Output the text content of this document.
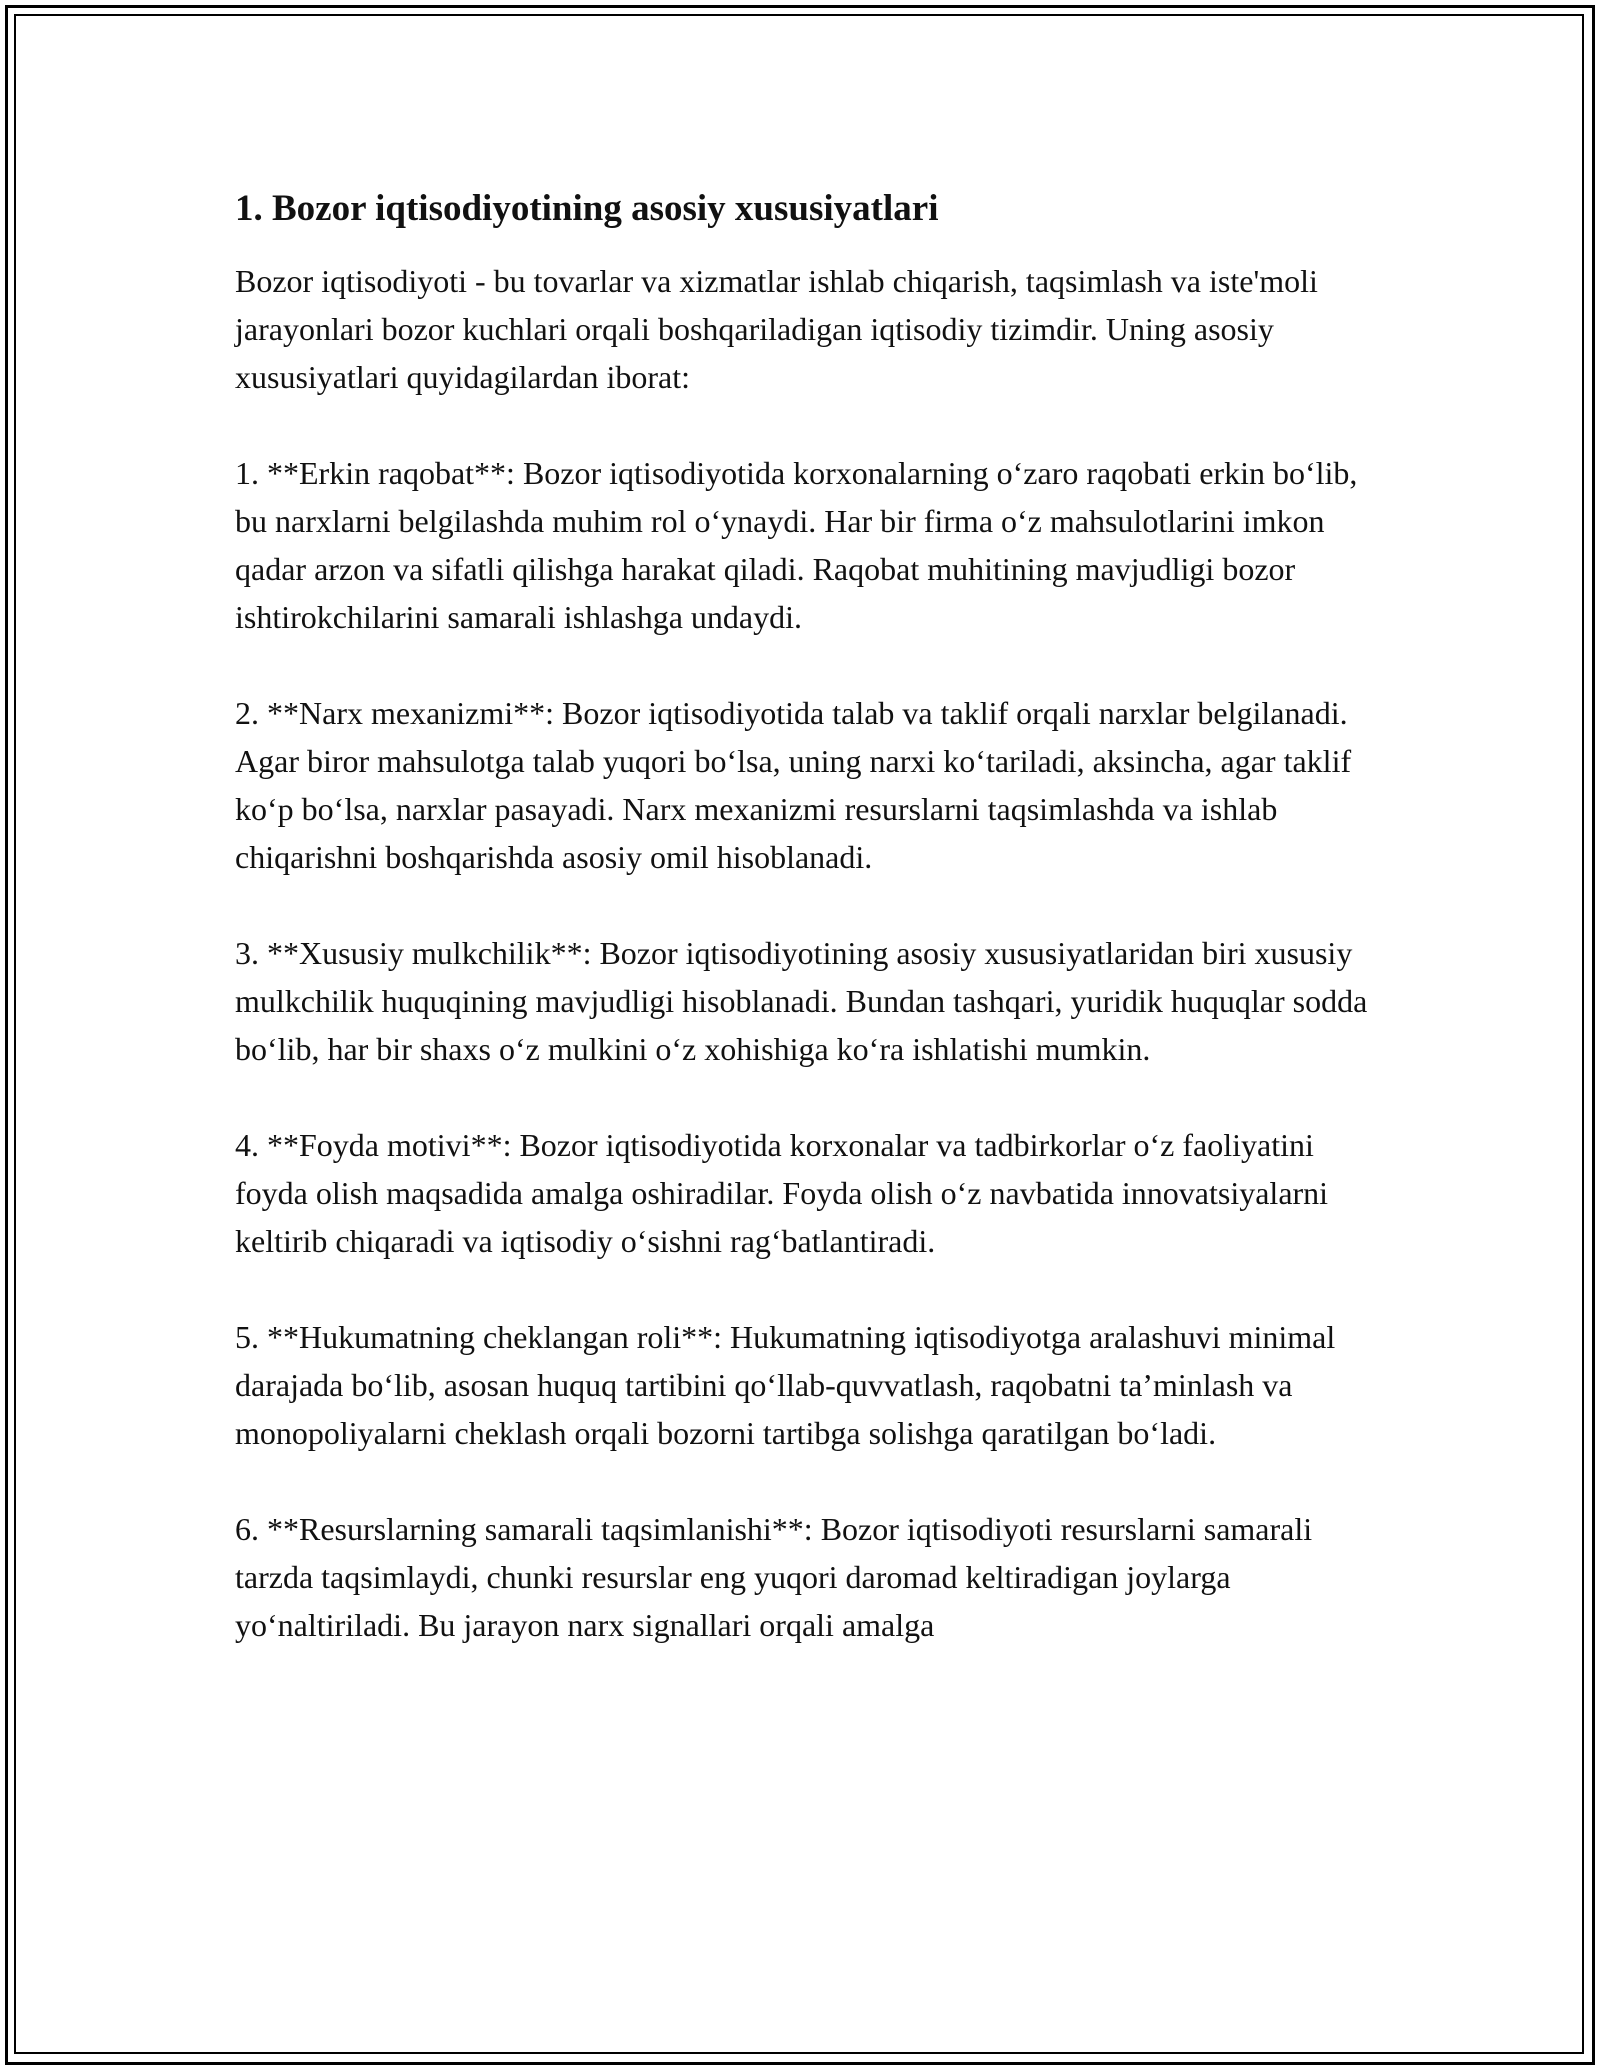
1. Bozor iqtisodiyotining asosiy xususiyatlari

Bozor iqtisodiyoti - bu tovarlar va xizmatlar ishlab chiqarish, taqsimlash va iste'moli jarayonlari bozor kuchlari orqali boshqariladigan iqtisodiy tizimdir. Uning asosiy xususiyatlari quyidagilardan iborat:

1. **Erkin raqobat**: Bozor iqtisodiyotida korxonalarning o‘zaro raqobati erkin bo‘lib, bu narxlarni belgilashda muhim rol o‘ynaydi. Har bir firma o‘z mahsulotlarini imkon qadar arzon va sifatli qilishga harakat qiladi. Raqobat muhitining mavjudligi bozor ishtirokchilarini samarali ishlashga undaydi.

2. **Narx mexanizmi**: Bozor iqtisodiyotida talab va taklif orqali narxlar belgilanadi. Agar biror mahsulotga talab yuqori bo‘lsa, uning narxi ko‘tariladi, aksincha, agar taklif ko‘p bo‘lsa, narxlar pasayadi. Narx mexanizmi resurslarni taqsimlashda va ishlab chiqarishni boshqarishda asosiy omil hisoblanadi.

3. **Xususiy mulkchilik**: Bozor iqtisodiyotining asosiy xususiyatlaridan biri xususiy mulkchilik huquqining mavjudligi hisoblanadi. Bundan tashqari, yuridik huquqlar sodda bo‘lib, har bir shaxs o‘z mulkini o‘z xohishiga ko‘ra ishlatishi mumkin.

4. **Foyda motivi**: Bozor iqtisodiyotida korxonalar va tadbirkorlar o‘z faoliyatini foyda olish maqsadida amalga oshiradilar. Foyda olish o‘z navbatida innovatsiyalarni keltirib chiqaradi va iqtisodiy o‘sishni rag‘batlantiradi.

5. **Hukumatning cheklangan roli**: Hukumatning iqtisodiyotga aralashuvi minimal darajada bo‘lib, asosan huquq tartibini qo‘llab-quvvatlash, raqobatni ta’minlash va monopoliyalarni cheklash orqali bozorni tartibga solishga qaratilgan bo‘ladi.

6. **Resurslarning samarali taqsimlanishi**: Bozor iqtisodiyoti resurslarni samarali tarzda taqsimlaydi, chunki resurslar eng yuqori daromad keltiradigan joylarga yo‘naltiriladi. Bu jarayon narx signallari orqali amalga
